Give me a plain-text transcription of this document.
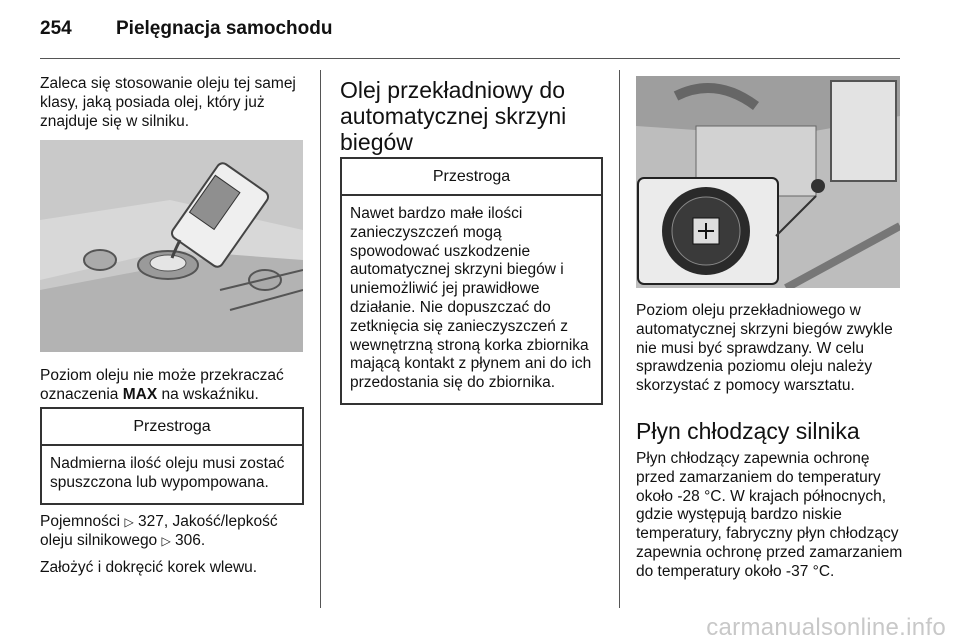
254 Pielęgnacja samochodu

Zaleca się stosowanie oleju tej samej klasy, jaką posiada olej, który już znajduje się w silniku.

Poziom oleju nie może przekraczać oznaczenia MAX na wskaźniku.

Przestroga
Nadmierna ilość oleju musi zostać spuszczona lub wypompowana.

Pojemności ▷ 327, Jakość/lepkość oleju silnikowego ▷ 306.

Założyć i dokręcić korek wlewu.

Olej przekładniowy do automatycznej skrzyni biegów
Przestroga
Nawet bardzo małe ilości zanieczyszczeń mogą spowodować uszkodzenie automatycznej skrzyni biegów i uniemożliwić jej prawidłowe działanie. Nie dopuszczać do zetknięcia się zanieczyszczeń z wewnętrzną stroną korka zbiornika mającą kontakt z płynem ani do ich przedostania się do zbiornika.

Poziom oleju przekładniowego w automatycznej skrzyni biegów zwykle nie musi być sprawdzany. W celu sprawdzenia poziomu oleju należy skorzystać z pomocy warsztatu.

Płyn chłodzący silnika

Płyn chłodzący zapewnia ochronę przed zamarzaniem do temperatury około -28 °C. W krajach północnych, gdzie występują bardzo niskie temperatury, fabryczny płyn chłodzący zapewnia ochronę przed zamarzaniem do temperatury około -37 °C.

carmanualsonline.info
